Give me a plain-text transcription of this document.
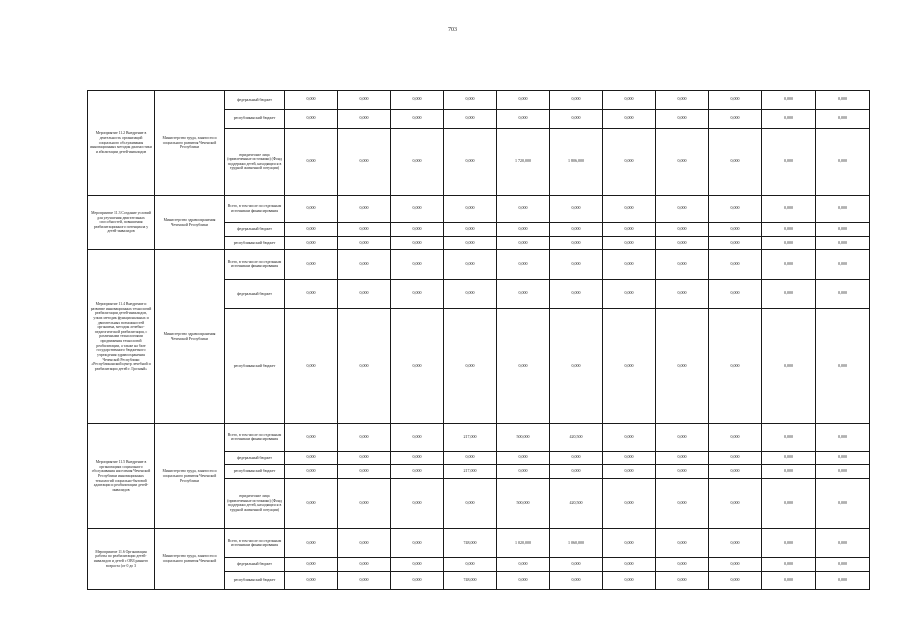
703
Мероприятие 11.2 Внедрение в деятельность организаций социального обслуживания инновационных методик диагностики и абилитации детей-инвалидов	Министерство труда, занятости и социального развития Чеченской Республики	федеральный бюджет	0,000	0,000	0,000	0,000	0,000	0,000	0,000	0,000	0,000	0,000	0,000
		республиканский бюджет	0,000	0,000	0,000	0,000	0,000	0,000	0,000	0,000	0,000	0,000	0,000
		юридические лица (привлеченные источники) (Фонд поддержки детей, находящихся в трудной жизненной ситуации)	0,000	0,000	0,000	0,000	1 720,000	1 806,000	0,000	0,000	0,000	0,000	0,000
Мероприятие 11.3 Создание условий для улучшения двигательных способностей, повышения реабилитационного потенциала у детей-инвалидов	Министерство здравоохранения Чеченской Республики	Всего, в том числе по отдельным источникам финансирования	0,000	0,000	0,000	0,000	0,000	0,000	0,000	0,000	0,000	0,000	0,000
		федеральный бюджет	0,000	0,000	0,000	0,000	0,000	0,000	0,000	0,000	0,000	0,000	0,000
		республиканский бюджет	0,000	0,000	0,000	0,000	0,000	0,000	0,000	0,000	0,000	0,000	0,000
Мероприятие 11.4 Внедрение и развитие инновационных технологий реабилитации детей-инвалидов, узких методик функциональных и двигательных возможностей организма, методик лечебно-педагогической реабилитации, с различными технологиями продвижения технологий реабилитации, а также на базе государственного бюджетного учреждения здравоохранения Чеченской Республики «Республиканский центр лечебной и реабилитации детей г. Грозный»	Министерство здравоохранения Чеченской Республики	Всего, в том числе по отдельным источникам финансирования	0,000	0,000	0,000	0,000	0,000	0,000	0,000	0,000	0,000	0,000	0,000
		федеральный бюджет	0,000	0,000	0,000	0,000	0,000	0,000	0,000	0,000	0,000	0,000	0,000
		республиканский бюджет	0,000	0,000	0,000	0,000	0,000	0,000	0,000	0,000	0,000	0,000	0,000
Мероприятие 11.5 Внедрение в организациях социального обслуживания населения Чеченской Республики инновационных технологий социально-бытовой адаптации и реабилитации детей-инвалидов	Министерство труда, занятости и социального развития Чеченской Республики	Всего, в том числе по отдельным источникам финансирования	0,000	0,000	0,000	217,000	500,000	420,500	0,000	0,000	0,000	0,000	0,000
		федеральный бюджет	0,000	0,000	0,000	0,000	0,000	0,000	0,000	0,000	0,000	0,000	0,000
		республиканский бюджет	0,000	0,000	0,000	217,000	0,000	0,000	0,000	0,000	0,000	0,000	0,000
		юридические лица (привлеченные источники) (Фонд поддержки детей, находящихся в трудной жизненной ситуации)	0,000	0,000	0,000	0,000	500,000	420,500	0,000	0,000	0,000	0,000	0,000
Мероприятие 11.6 Организация работы по реабилитации детей-инвалидов и детей с ОВЗ раннего возраста (от 0 до 3	Министерство труда, занятости и социального развития Чеченской	Всего, в том числе по отдельным источникам финансирования	0,000	0,000	0,000	748,000	1 020,000	1 060,000	0,000	0,000	0,000	0,000	0,000
		федеральный бюджет	0,000	0,000	0,000	0,000	0,000	0,000	0,000	0,000	0,000	0,000	0,000
		республиканский бюджет	0,000	0,000	0,000	748,000	0,000	0,000	0,000	0,000	0,000	0,000	0,000
